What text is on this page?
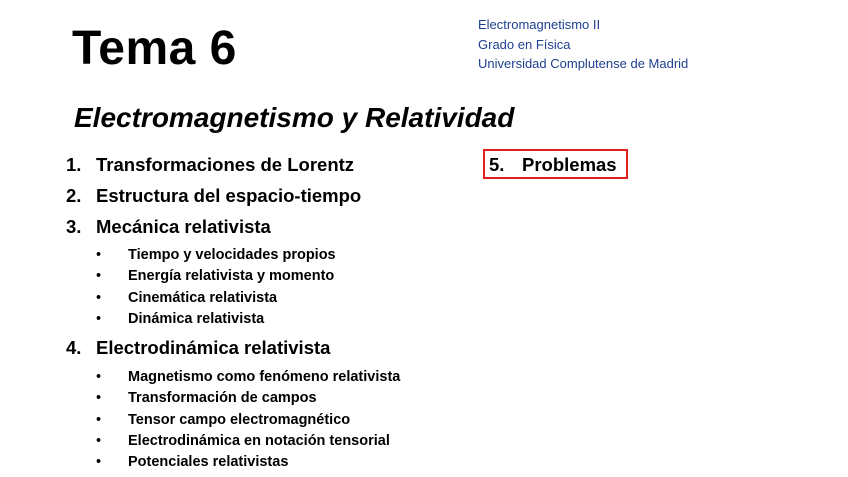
Tema 6	Electromagnetismo II
Grado en Física
Universidad Complutense de Madrid
Electromagnetismo y Relatividad
1. Transformaciones de Lorentz
2. Estructura del espacio-tiempo
3. Mecánica relativista
• Tiempo y velocidades propios
• Energía relativista y momento
• Cinemática relativista
• Dinámica relativista
4. Electrodinámica relativista
• Magnetismo como fenómeno relativista
• Transformación de campos
• Tensor campo electromagnético
• Electrodinámica en notación tensorial
• Potenciales relativistas
5. Problemas
